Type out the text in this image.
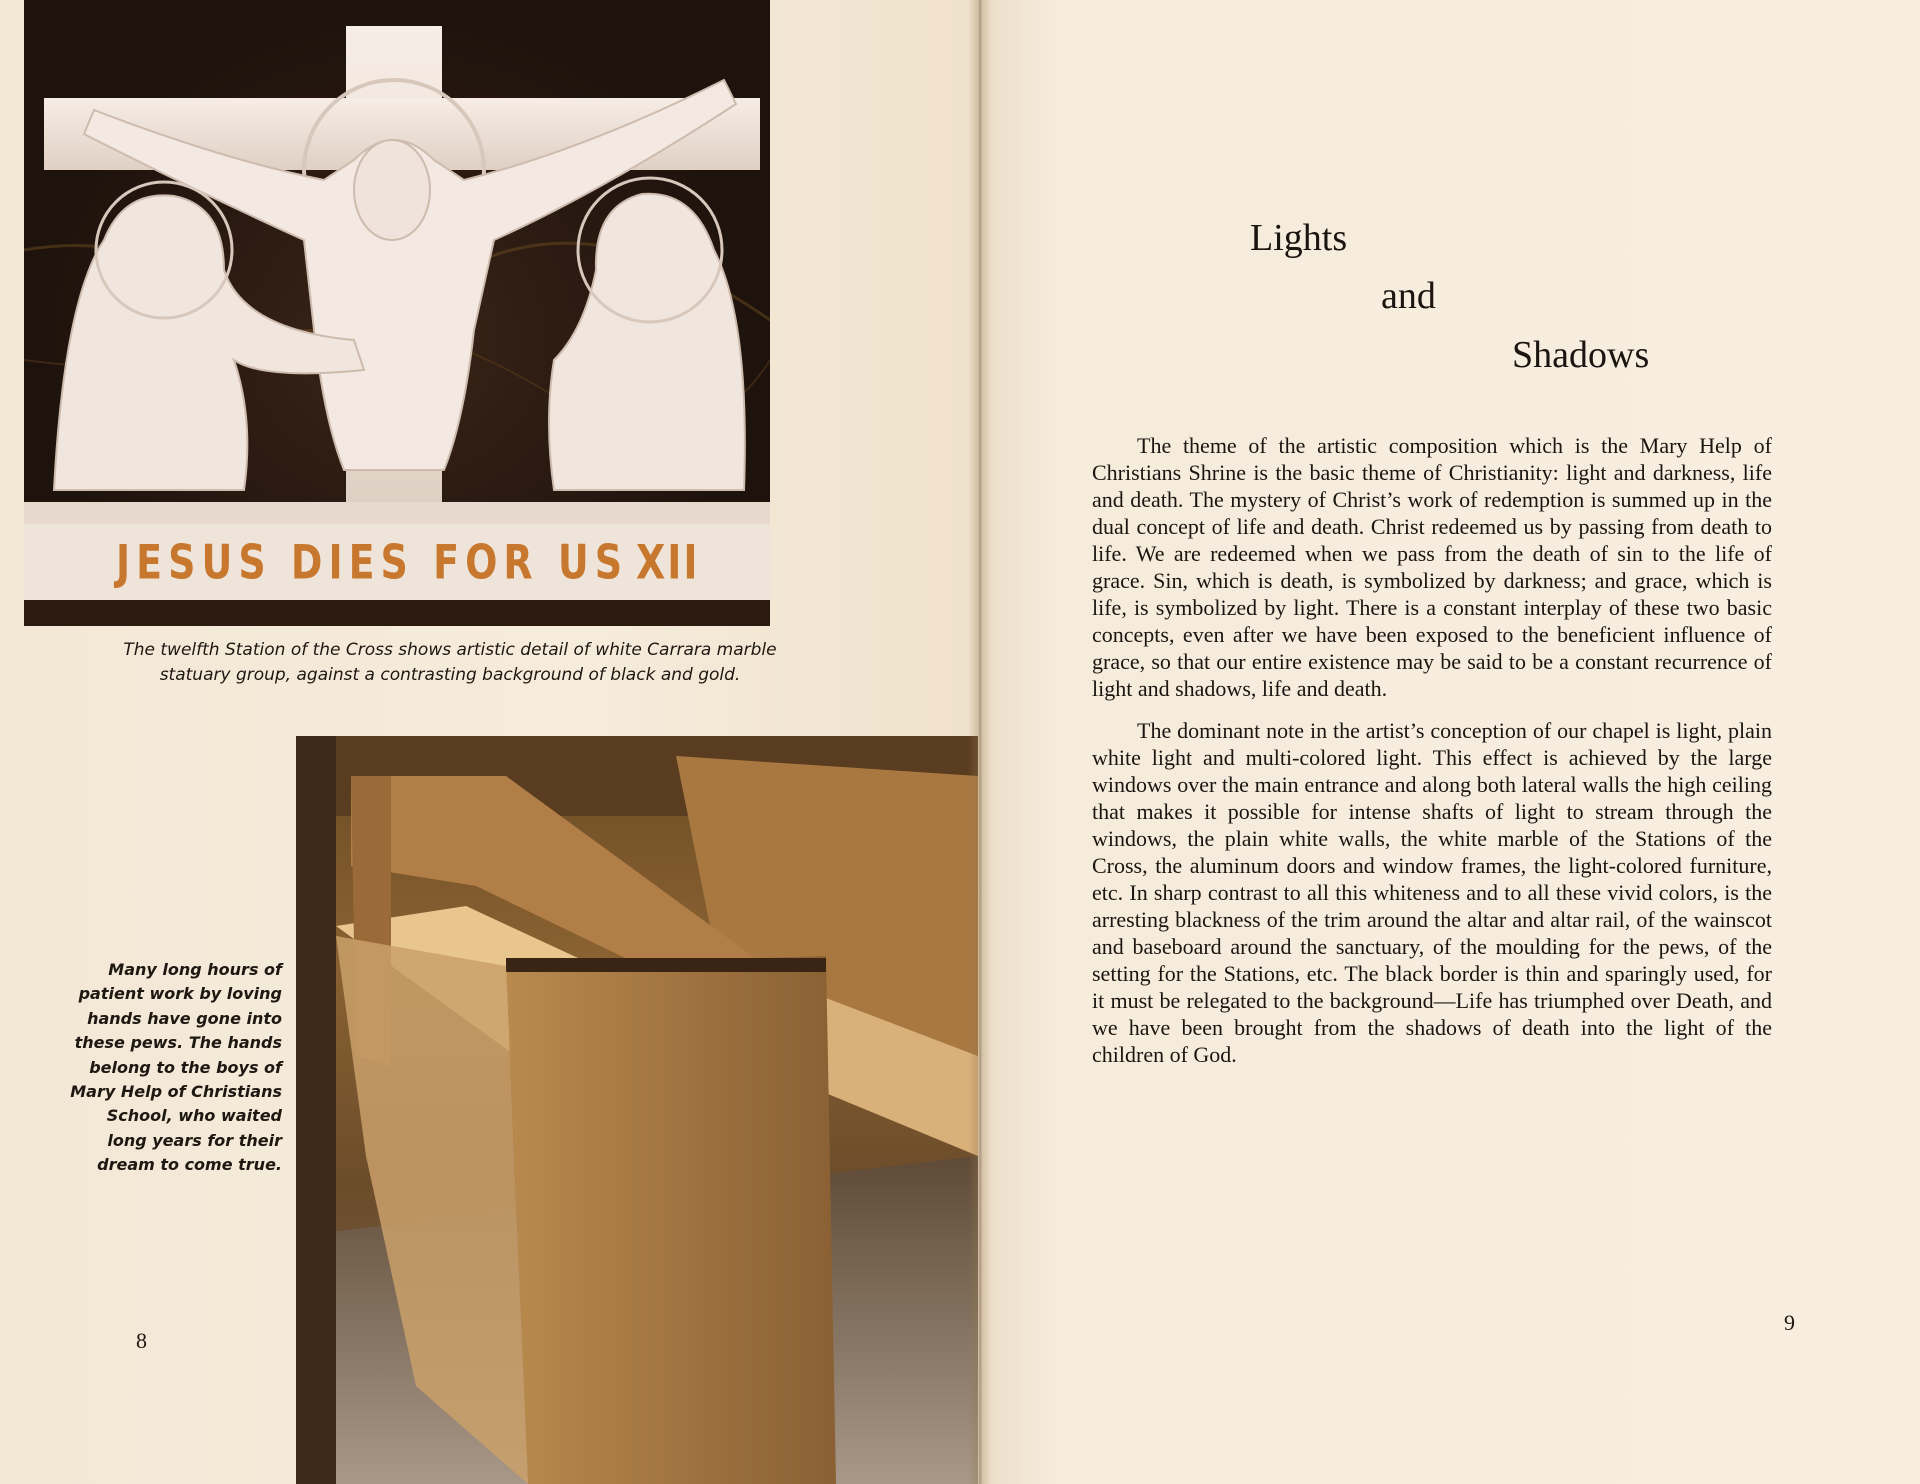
JESUS DIES FOR US XII
The twelfth Station of the Cross shows artistic detail of white Carrara marble statuary group, against a contrasting background of black and gold.
Many long hours of patient work by loving hands have gone into these pews. The hands belong to the boys of Mary Help of Christians School, who waited long years for their dream to come true.
8
Lights
and
Shadows

The theme of the artistic composition which is the Mary Help of Christians Shrine is the basic theme of Christianity: light and darkness, life and death. The mystery of Christ’s work of redemption is summed up in the dual concept of life and death. Christ redeemed us by passing from death to life. We are redeemed when we pass from the death of sin to the life of grace. Sin, which is death, is symbolized by darkness; and grace, which is life, is symbolized by light. There is a constant interplay of these two basic concepts, even after we have been exposed to the beneficient influence of grace, so that our entire existence may be said to be a constant recurrence of light and shadows, life and death.

The dominant note in the artist’s conception of our chapel is light, plain white light and multi-colored light. This effect is achieved by the large windows over the main entrance and along both lateral walls the high ceiling that makes it possible for intense shafts of light to stream through the windows, the plain white walls, the white marble of the Stations of the Cross, the aluminum doors and window frames, the light-colored furniture, etc. In sharp contrast to all this whiteness and to all these vivid colors, is the arresting blackness of the trim around the altar and altar rail, of the wainscot and baseboard around the sanctuary, of the moulding for the pews, of the setting for the Stations, etc. The black border is thin and sparingly used, for it must be relegated to the background—Life has triumphed over Death, and we have been brought from the shadows of death into the light of the children of God.

9
